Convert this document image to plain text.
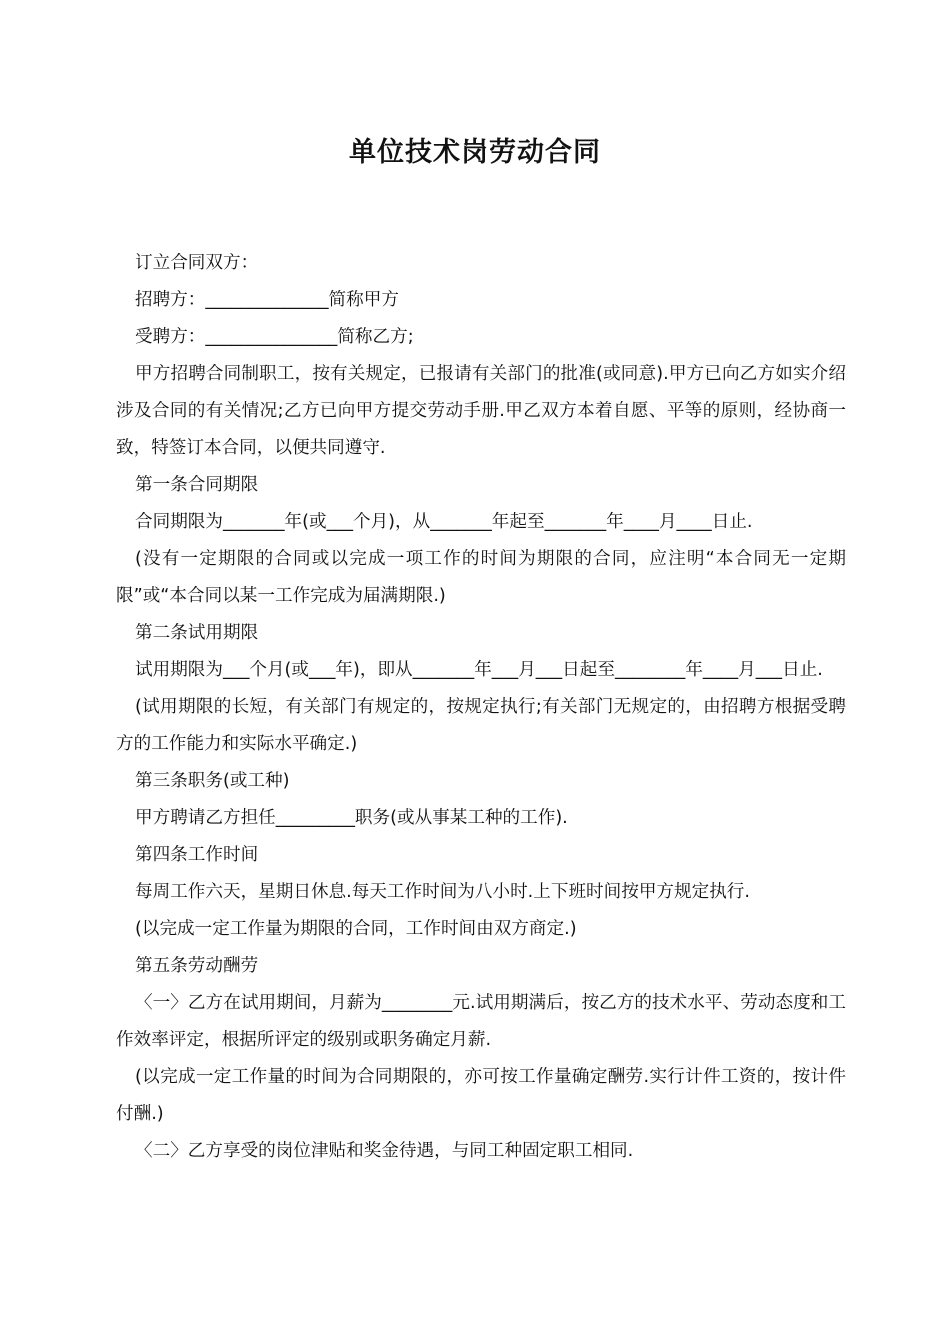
单位技术岗劳动合同

订立合同双方：

招聘方：______________简称甲方

受聘方：_______________简称乙方;

甲方招聘合同制职工，按有关规定，已报请有关部门的批准(或同意).甲方已向乙方如实介绍涉及合同的有关情况;乙方已向甲方提交劳动手册.甲乙双方本着自愿、平等的原则，经协商一致，特签订本合同，以便共同遵守.

第一条合同期限

合同期限为_______年(或___个月)，从_______年起至_______年____月____日止.

(没有一定期限的合同或以完成一项工作的时间为期限的合同，应注明“本合同无一定期限”或“本合同以某一工作完成为届满期限.)

第二条试用期限

试用期限为___个月(或___年)，即从_______年___月___日起至________年____月___日止.

(试用期限的长短，有关部门有规定的，按规定执行;有关部门无规定的，由招聘方根据受聘方的工作能力和实际水平确定.)

第三条职务(或工种)

甲方聘请乙方担任_________职务(或从事某工种的工作).

第四条工作时间

每周工作六天，星期日休息.每天工作时间为八小时.上下班时间按甲方规定执行.

(以完成一定工作量为期限的合同，工作时间由双方商定.)

第五条劳动酬劳

〈一〉乙方在试用期间，月薪为________元.试用期满后，按乙方的技术水平、劳动态度和工作效率评定，根据所评定的级别或职务确定月薪.

(以完成一定工作量的时间为合同期限的，亦可按工作量确定酬劳.实行计件工资的，按计件付酬.)

〈二〉乙方享受的岗位津贴和奖金待遇，与同工种固定职工相同.
